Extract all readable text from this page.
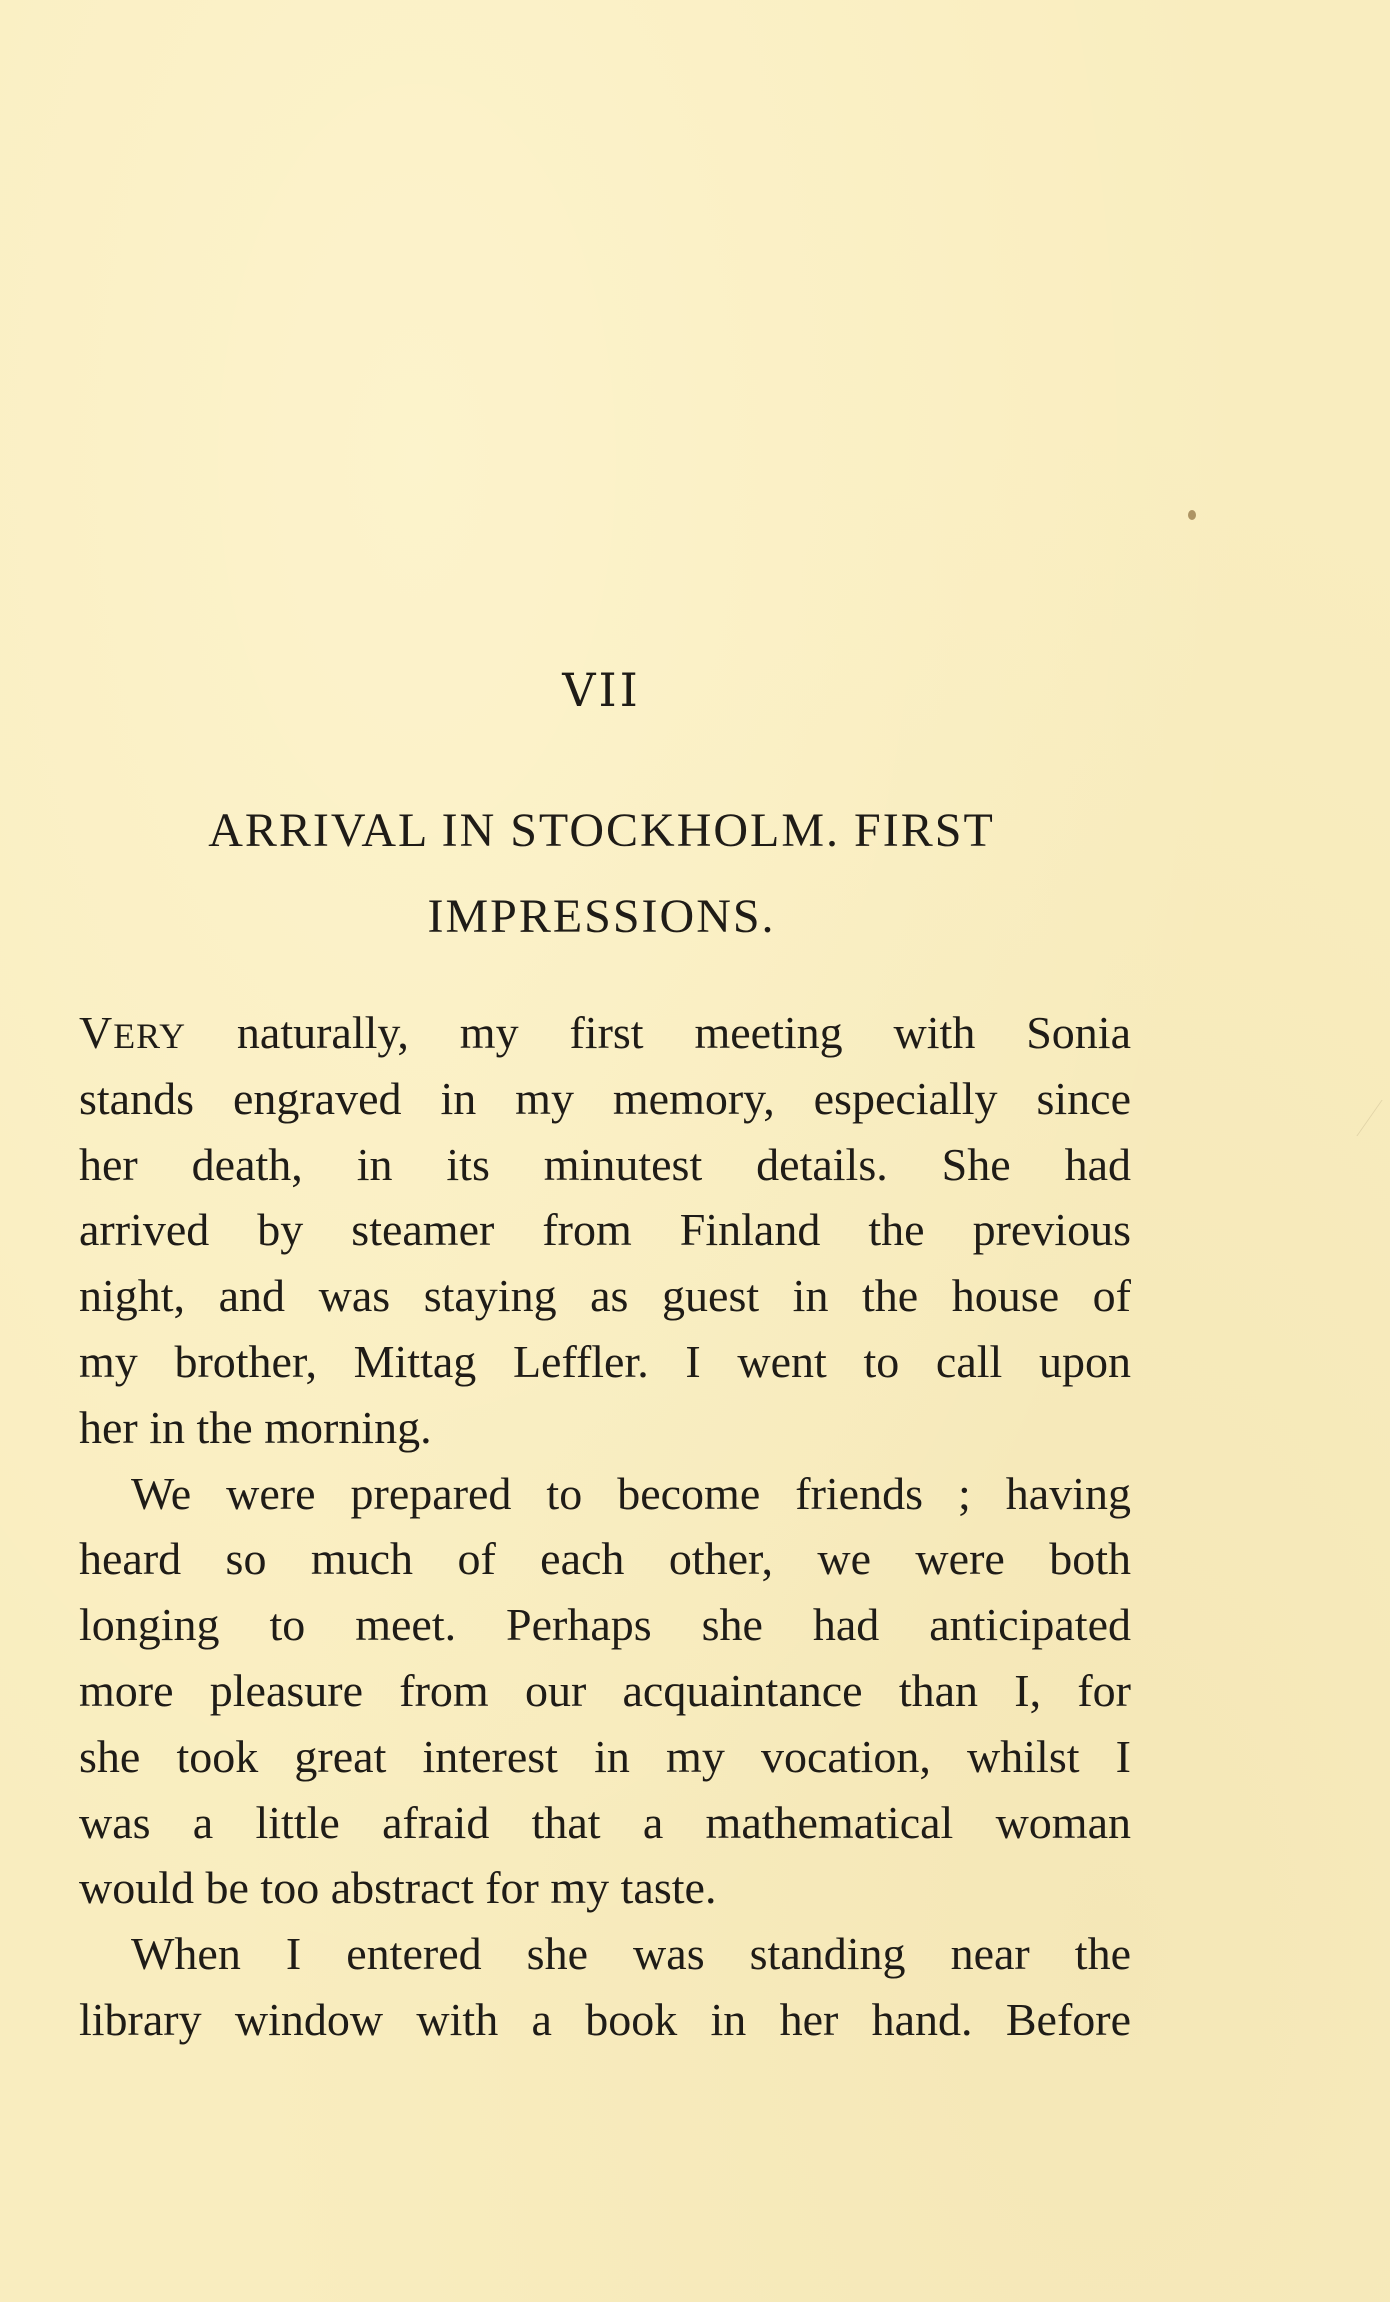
VII
ARRIVAL IN STOCKHOLM. FIRST
IMPRESSIONS.
VERY naturally, my first meeting with Sonia
stands engraved in my memory, especially since
her death, in its minutest details. She had
arrived by steamer from Finland the previous
night, and was staying as guest in the house of
my brother, Mittag Leffler. I went to call upon
her in the morning.
We were prepared to become friends ; having
heard so much of each other, we were both
longing to meet. Perhaps she had anticipated
more pleasure from our acquaintance than I, for
she took great interest in my vocation, whilst I
was a little afraid that a mathematical woman
would be too abstract for my taste.
When I entered she was standing near the
library window with a book in her hand. Before
